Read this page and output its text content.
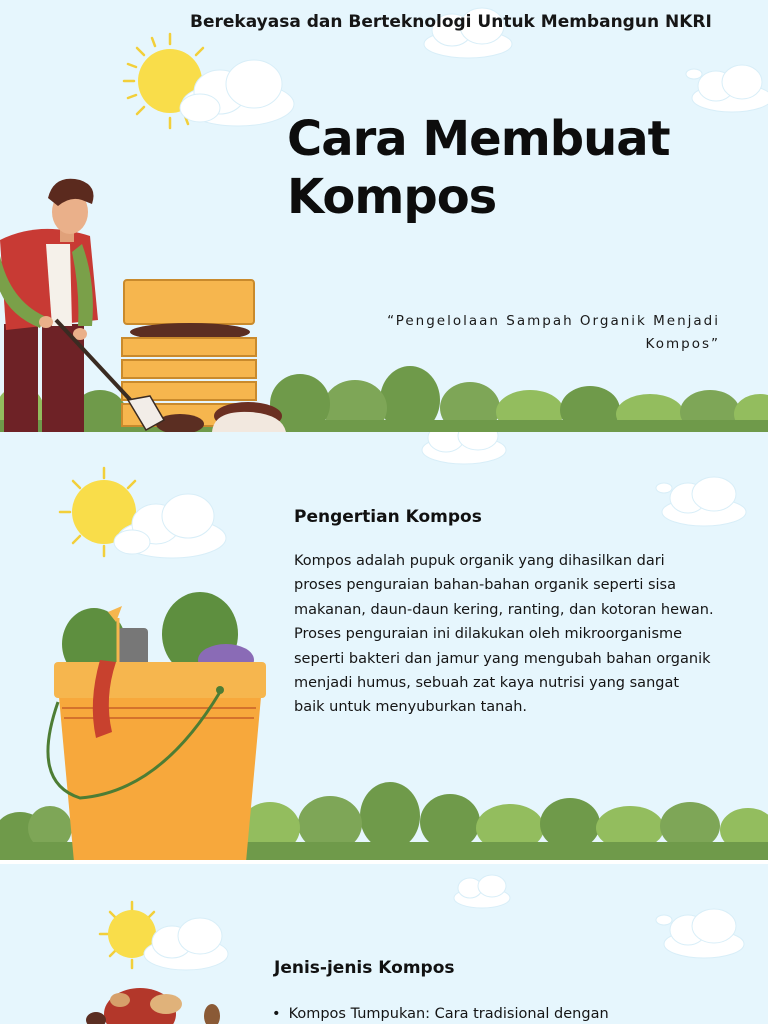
Berekayasa dan Berteknologi Untuk Membangun NKRI
Cara Membuat
Kompos
“Pengelolaan Sampah Organik Menjadi Kompos”
Pengertian Kompos
Kompos adalah pupuk organik yang dihasilkan dari proses penguraian bahan-bahan organik seperti sisa makanan, daun-daun kering, ranting, dan kotoran hewan. Proses penguraian ini dilakukan oleh mikroorganisme seperti bakteri dan jamur yang mengubah bahan organik menjadi humus, sebuah zat kaya nutrisi yang sangat baik untuk menyuburkan tanah.
Jenis-jenis Kompos
• Kompos Tumpukan: Cara tradisional dengan
